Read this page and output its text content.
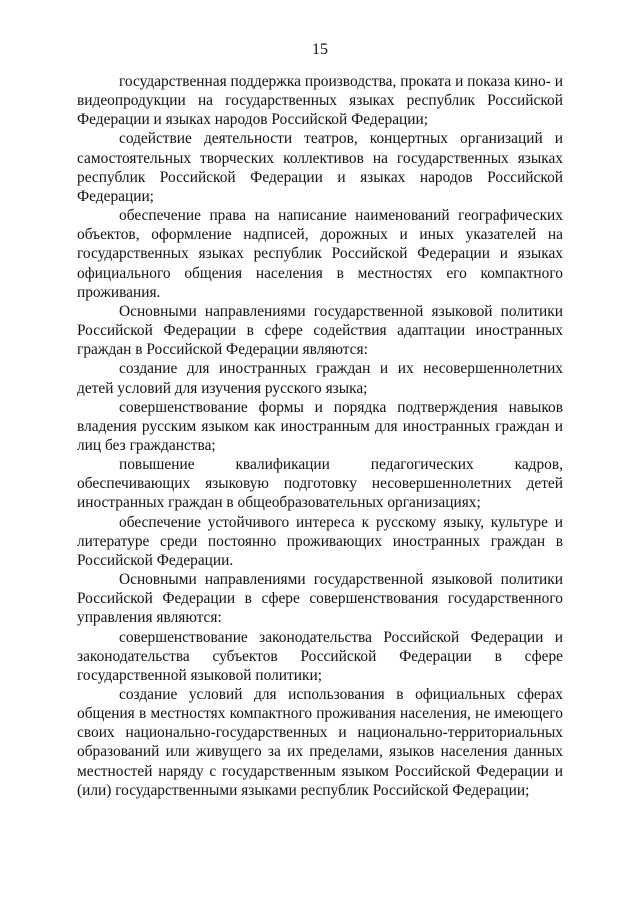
15

государственная поддержка производства, проката и показа кино- и видеопродукции на государственных языках республик Российской Федерации и языках народов Российской Федерации;

содействие деятельности театров, концертных организаций и самостоятельных творческих коллективов на государственных языках республик Российской Федерации и языках народов Российской Федерации;

обеспечение права на написание наименований географических объектов, оформление надписей, дорожных и иных указателей на государственных языках республик Российской Федерации и языках официального общения населения в местностях его компактного проживания.

Основными направлениями государственной языковой политики Российской Федерации в сфере содействия адаптации иностранных граждан в Российской Федерации являются:

создание для иностранных граждан и их несовершеннолетних детей условий для изучения русского языка;

совершенствование формы и порядка подтверждения навыков владения русским языком как иностранным для иностранных граждан и лиц без гражданства;

повышение квалификации педагогических кадров, обеспечивающих языковую подготовку несовершеннолетних детей иностранных граждан в общеобразовательных организациях;

обеспечение устойчивого интереса к русскому языку, культуре и литературе среди постоянно проживающих иностранных граждан в Российской Федерации.

Основными направлениями государственной языковой политики Российской Федерации в сфере совершенствования государственного управления являются:

совершенствование законодательства Российской Федерации и законодательства субъектов Российской Федерации в сфере государственной языковой политики;

создание условий для использования в официальных сферах общения в местностях компактного проживания населения, не имеющего своих национально-государственных и национально-территориальных образований или живущего за их пределами, языков населения данных местностей наряду с государственным языком Российской Федерации и (или) государственными языками республик Российской Федерации;
